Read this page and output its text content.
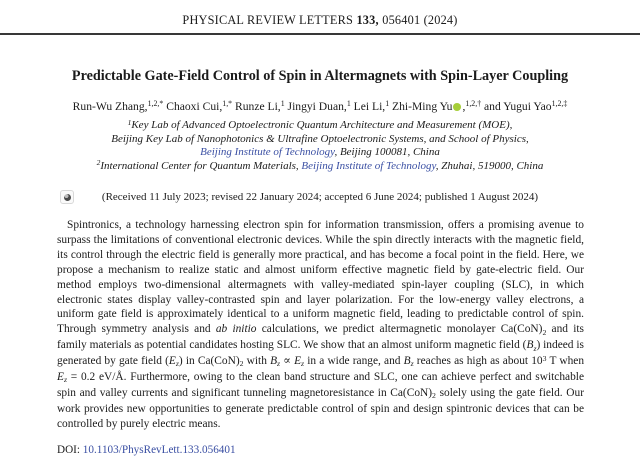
PHYSICAL REVIEW LETTERS 133, 056401 (2024)
Predictable Gate-Field Control of Spin in Altermagnets with Spin-Layer Coupling
Run-Wu Zhang,$^{1,2,*}$ Chaoxi Cui,$^{1,*}$ Runze Li,$^1$ Jingyi Duan,$^1$ Lei Li,$^1$ Zhi-Ming Yu ,$^{1,2,\dagger}$ and Yugui Yao$^{1,2,\ddagger}$
$^1$Key Lab of Advanced Optoelectronic Quantum Architecture and Measurement (MOE),
Beijing Key Lab of Nanophotonics & Ultrafine Optoelectronic Systems, and School of Physics,
Beijing Institute of Technology, Beijing 100081, China
$^2$International Center for Quantum Materials, Beijing Institute of Technology, Zhuhai, 519000, China
(Received 11 July 2023; revised 22 January 2024; accepted 6 June 2024; published 1 August 2024)
Spintronics, a technology harnessing electron spin for information transmission, offers a promising avenue to surpass the limitations of conventional electronic devices. While the spin directly interacts with the magnetic field, its control through the electric field is generally more practical, and has become a focal point in the field. Here, we propose a mechanism to realize static and almost uniform effective magnetic field by gate-electric field. Our method employs two-dimensional altermagnets with valley-mediated spin-layer coupling (SLC), in which electronic states display valley-contrasted spin and layer polarization. For the low-energy valley electrons, a uniform gate field is approximately identical to a uniform magnetic field, leading to predictable control of spin. Through symmetry analysis and ab initio calculations, we predict altermagnetic monolayer $Ca(CoN)_2$ and its family materials as potential candidates hosting SLC. We show that an almost uniform magnetic field $(B_z)$ indeed is generated by gate field $(E_z)$ in $Ca(CoN)_2$ with $B_z \propto E_z$ in a wide range, and $B_z$ reaches as high as about $10^3$ T when $E_z = 0.2$ eV/Å. Furthermore, owing to the clean band structure and SLC, one can achieve perfect and switchable spin and valley currents and significant tunneling magnetoresistance in $Ca(CoN)_2$ solely using the gate field. Our work provides new opportunities to generate predictable control of spin and design spintronic devices that can be controlled by purely electric means.
DOI: 10.1103/PhysRevLett.133.056401
